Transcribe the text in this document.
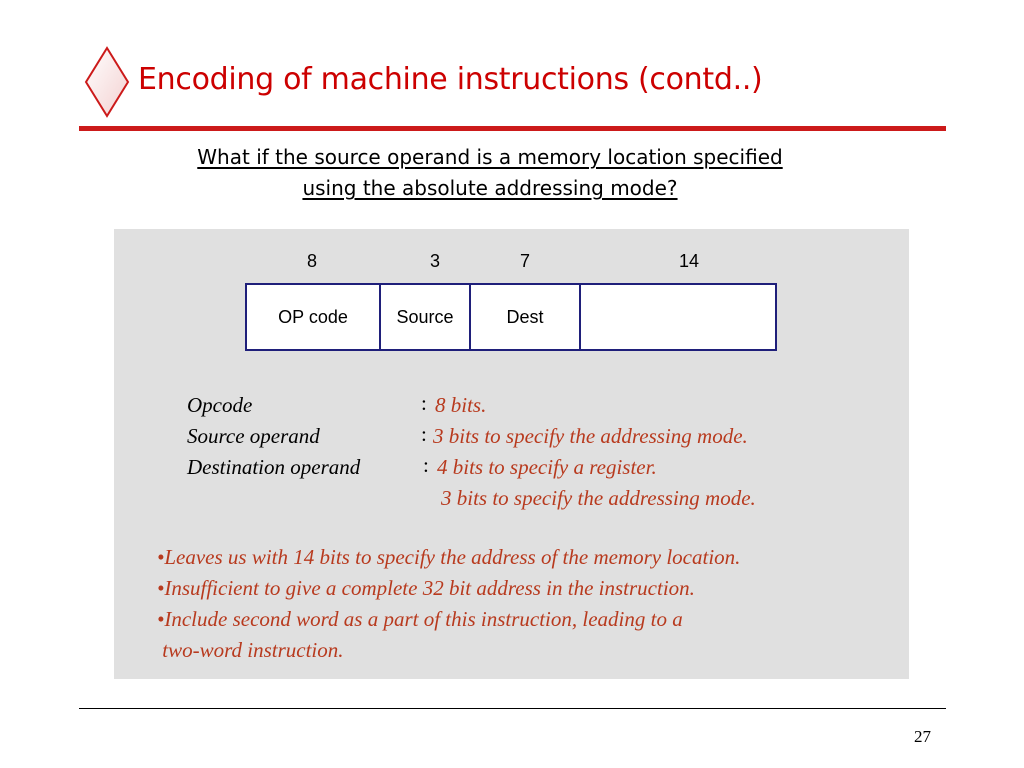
Encoding of machine instructions (contd..)
What if the source operand is a memory location specified
using the absolute addressing mode?
8	3	7	14
OP code	Source	Dest
Opcode	: 8 bits.
Source operand	: 3 bits to specify the addressing mode.
Destination operand	: 4 bits to specify a register.
3 bits to specify the addressing mode.
•Leaves us with 14 bits to specify the address of the memory location.
•Insufficient to give a complete 32 bit address in the instruction.
•Include second word as a part of this instruction, leading to a
two-word instruction.
27
